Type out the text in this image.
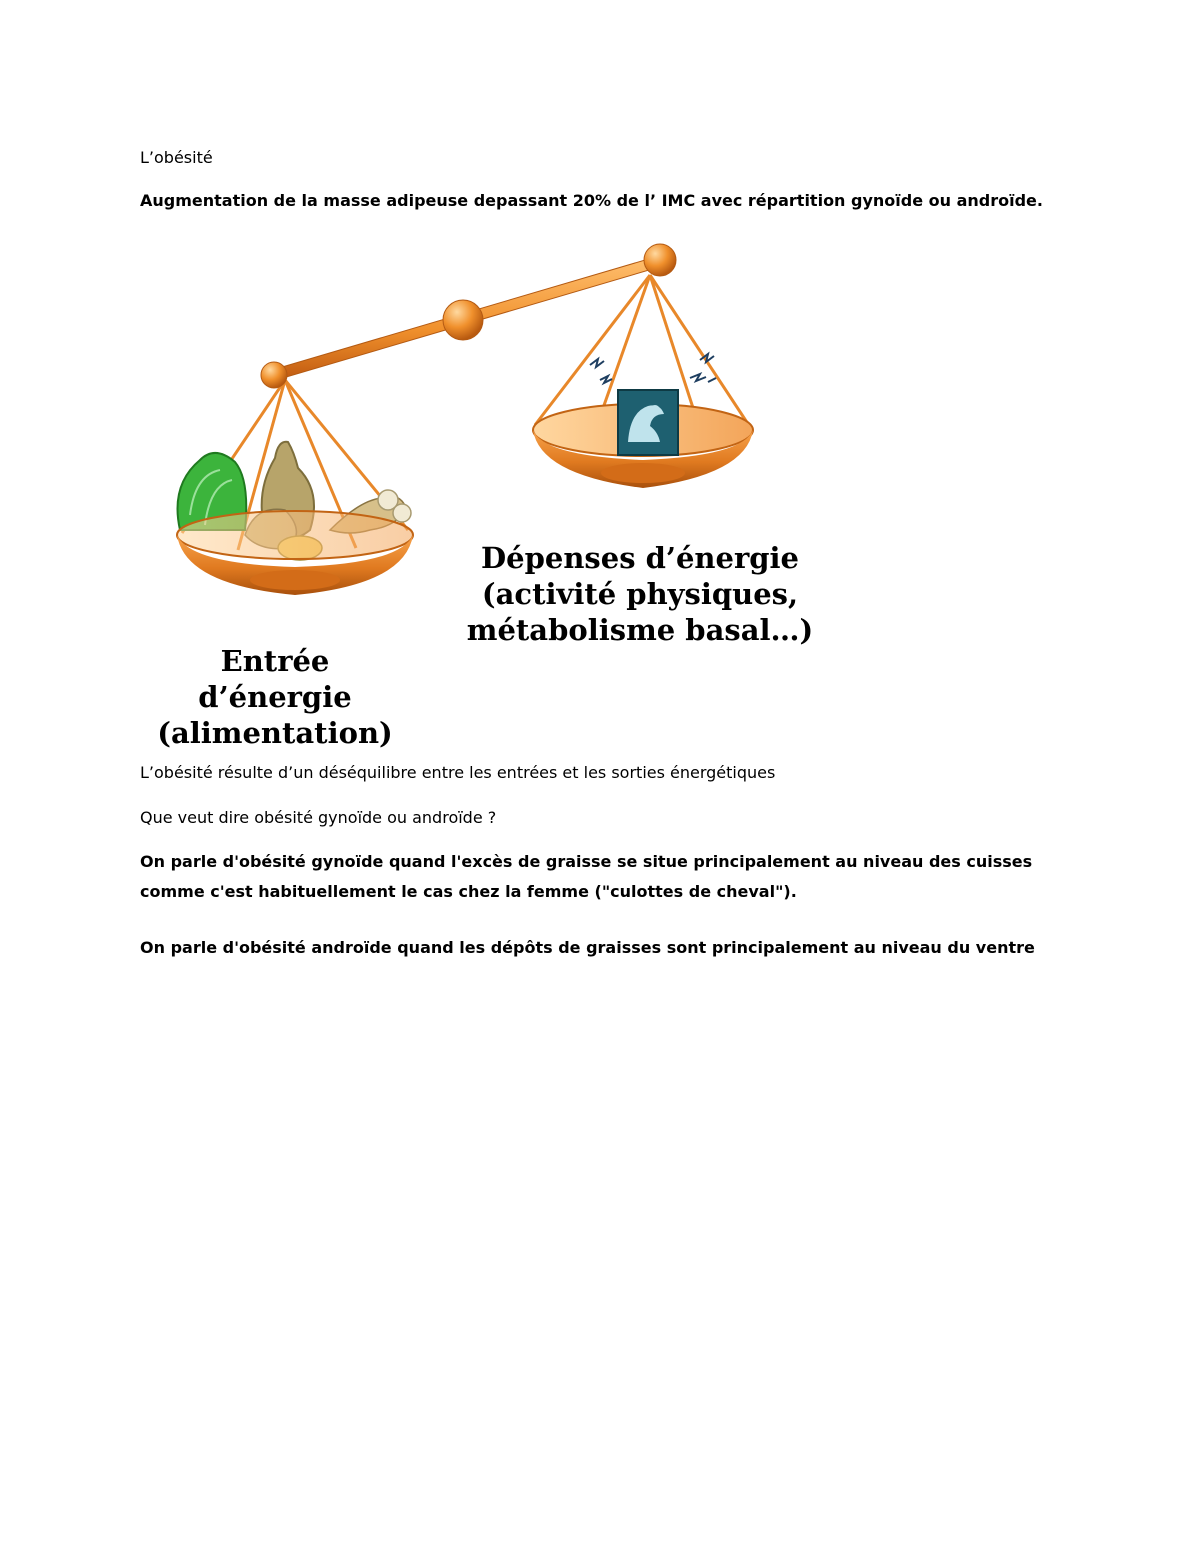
L’obésité
Augmentation de la masse adipeuse depassant 20% de l’ IMC avec répartition gynoïde ou androïde.
Dépenses d’énergie
(activité physiques,
métabolisme basal…)
Entrée
d’énergie
(alimentation)
L’obésité résulte d’un déséquilibre entre les entrées et les sorties énergétiques
Que veut dire obésité gynoïde ou androïde ?
On parle d'obésité gynoïde quand l'excès de graisse se situe principalement au niveau des cuisses
comme c'est habituellement le cas chez la femme ("culottes de cheval").
On parle d'obésité androïde quand les dépôts de graisses sont principalement au niveau du ventre
